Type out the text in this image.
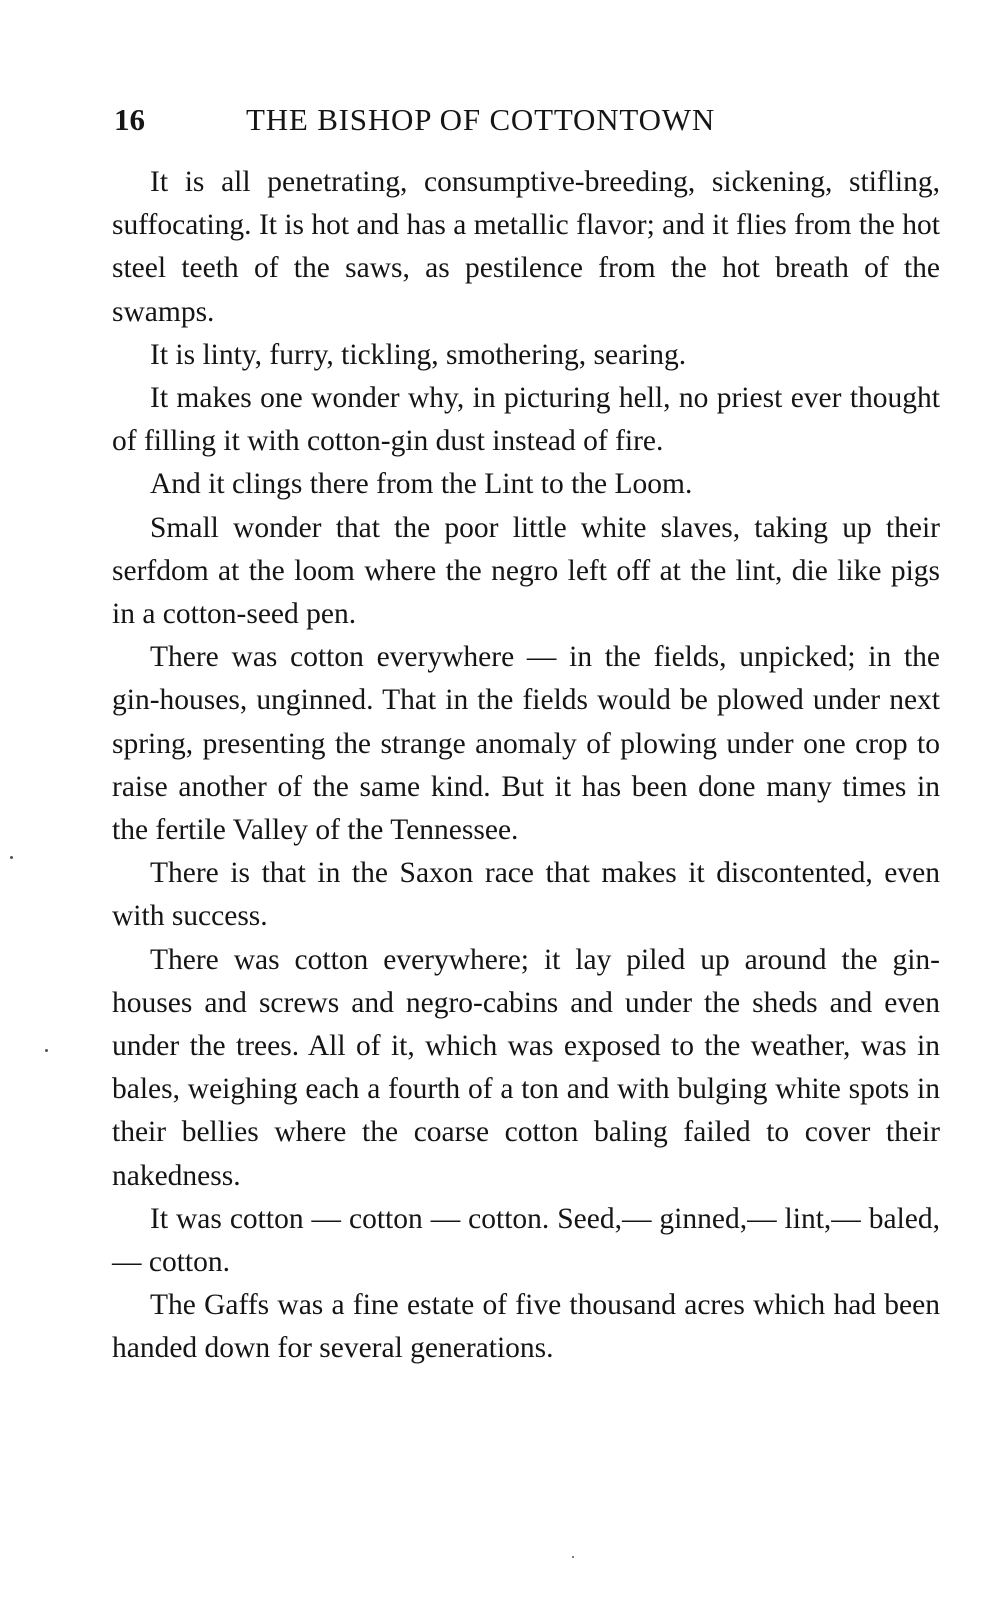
16	THE BISHOP OF COTTONTOWN

It is all penetrating, consumptive-breeding, sickening, stifling, suffocating. It is hot and has a metallic flavor; and it flies from the hot steel teeth of the saws, as pestilence from the hot breath of the swamps.

It is linty, furry, tickling, smothering, searing.

It makes one wonder why, in picturing hell, no priest ever thought of filling it with cotton-gin dust instead of fire.

And it clings there from the Lint to the Loom.

Small wonder that the poor little white slaves, taking up their serfdom at the loom where the negro left off at the lint, die like pigs in a cotton-seed pen.

There was cotton everywhere — in the fields, unpicked; in the gin-houses, unginned. That in the fields would be plowed under next spring, presenting the strange anomaly of plowing under one crop to raise another of the same kind. But it has been done many times in the fertile Valley of the Tennessee.

There is that in the Saxon race that makes it discontented, even with success.

There was cotton everywhere; it lay piled up around the gin-houses and screws and negro-cabins and under the sheds and even under the trees. All of it, which was exposed to the weather, was in bales, weighing each a fourth of a ton and with bulging white spots in their bellies where the coarse cotton baling failed to cover their nakedness.

It was cotton — cotton — cotton. Seed,— ginned,— lint,— baled,— cotton.

The Gaffs was a fine estate of five thousand acres which had been handed down for several generations.
